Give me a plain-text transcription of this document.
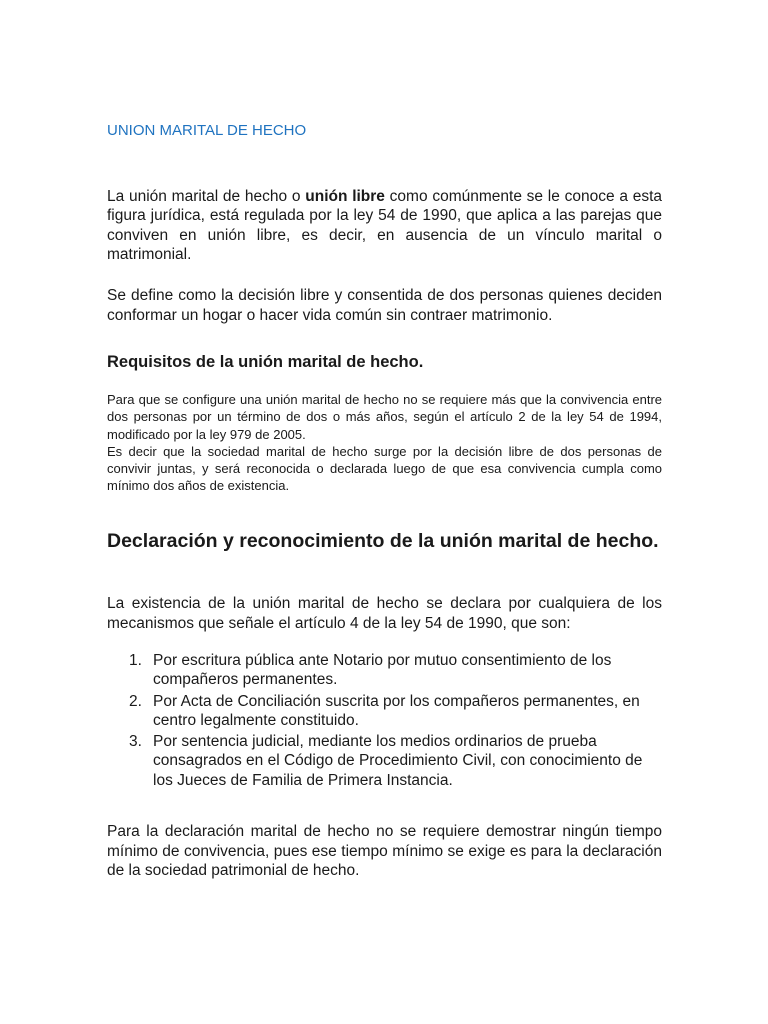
UNION MARITAL DE HECHO

La unión marital de hecho o unión libre como comúnmente se le conoce a esta figura jurídica, está regulada por la ley 54 de 1990, que aplica a las parejas que conviven en unión libre, es decir, en ausencia de un vínculo marital o matrimonial.

Se define como la decisión libre y consentida de dos personas quienes deciden conformar un hogar o hacer vida común sin contraer matrimonio.

Requisitos de la unión marital de hecho.

Para que se configure una unión marital de hecho no se requiere más que la convivencia entre dos personas por un término de dos o más años, según el artículo 2 de la ley 54 de 1994, modificado por la ley 979 de 2005.

Es decir que la sociedad marital de hecho surge por la decisión libre de dos personas de convivir juntas, y será reconocida o declarada luego de que esa convivencia cumpla como mínimo dos años de existencia.

Declaración y reconocimiento de la unión marital de hecho.

La existencia de la unión marital de hecho se declara por cualquiera de los mecanismos que señale el artículo 4 de la ley 54 de 1990, que son:

1. Por escritura pública ante Notario por mutuo consentimiento de los compañeros permanentes.
2. Por Acta de Conciliación suscrita por los compañeros permanentes, en centro legalmente constituido.
3. Por sentencia judicial, mediante los medios ordinarios de prueba consagrados en el Código de Procedimiento Civil, con conocimiento de los Jueces de Familia de Primera Instancia.

Para la declaración marital de hecho no se requiere demostrar ningún tiempo mínimo de convivencia, pues ese tiempo mínimo se exige es para la declaración de la sociedad patrimonial de hecho.
